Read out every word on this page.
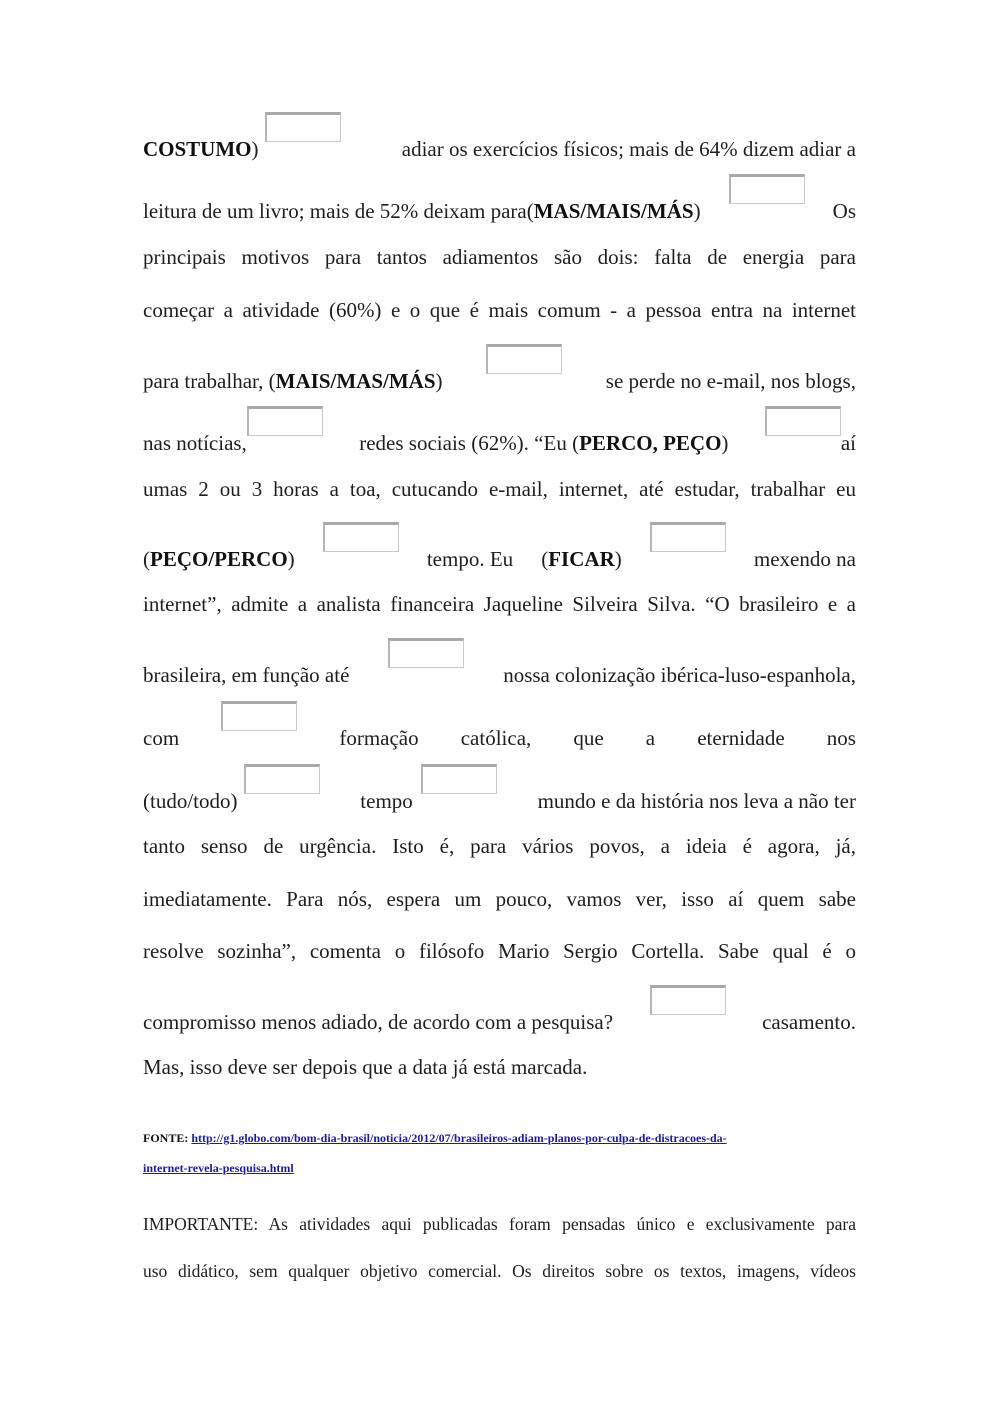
COSTUMO)	adiar os exercícios físicos; mais de 64% dizem adiar a
leitura de um livro; mais de 52% deixam para(MAS/MAIS/MÁS)	Os
principais motivos para tantos adiamentos são dois: falta de energia para
começar a atividade (60%) e o que é mais comum - a pessoa entra na internet
para trabalhar, (MAIS/MAS/MÁS)	se perde no e-mail, nos blogs,
nas notícias,	redes sociais (62%). “Eu (PERCO, PEÇO)	aí
umas 2 ou 3 horas a toa, cutucando e-mail, internet, até estudar, trabalhar eu
(PEÇO/PERCO)	tempo. Eu (FICAR)	mexendo na
internet”, admite a analista financeira Jaqueline Silveira Silva. “O brasileiro e a
brasileira, em função até	nossa colonização ibérica-luso-espanhola,
com	formação católica, que a eternidade nos
(tudo/todo)	tempo	mundo e da história nos leva a não ter
tanto senso de urgência. Isto é, para vários povos, a ideia é agora, já,
imediatamente. Para nós, espera um pouco, vamos ver, isso aí quem sabe
resolve sozinha”, comenta o filósofo Mario Sergio Cortella. Sabe qual é o
compromisso menos adiado, de acordo com a pesquisa?	casamento.
Mas, isso deve ser depois que a data já está marcada.
FONTE: http://g1.globo.com/bom-dia-brasil/noticia/2012/07/brasileiros-adiam-planos-por-culpa-de-distracoes-da-
internet-revela-pesquisa.html
IMPORTANTE: As atividades aqui publicadas foram pensadas único e exclusivamente para
uso didático, sem qualquer objetivo comercial. Os direitos sobre os textos, imagens, vídeos
